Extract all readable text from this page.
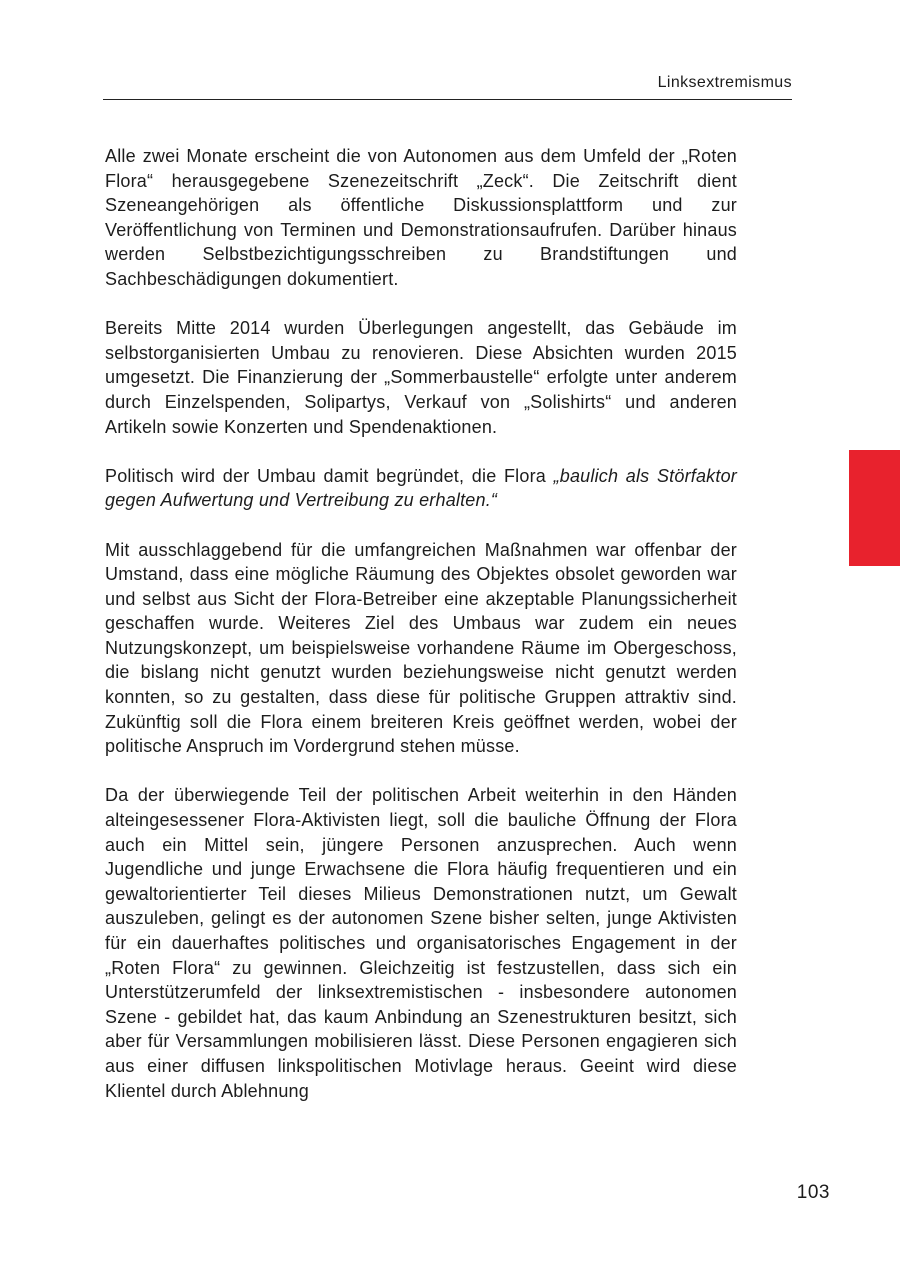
Linksextremismus

Alle zwei Monate erscheint die von Autonomen aus dem Umfeld der „Roten Flora“ herausgegebene Szenezeitschrift „Zeck“. Die Zeitschrift dient Szeneangehörigen als öffentliche Diskussionsplattform und zur Veröffentlichung von Terminen und Demonstrationsaufrufen. Darüber hinaus werden Selbstbezichtigungsschreiben zu Brandstiftungen und Sachbeschädigungen dokumentiert.

Bereits Mitte 2014 wurden Überlegungen angestellt, das Gebäude im selbstorganisierten Umbau zu renovieren. Diese Absichten wurden 2015 umgesetzt. Die Finanzierung der „Sommerbaustelle“ erfolgte unter anderem durch Einzelspenden, Solipartys, Verkauf von „Solishirts“ und anderen Artikeln sowie Konzerten und Spendenaktionen.

Politisch wird der Umbau damit begründet, die Flora „baulich als Störfaktor gegen Aufwertung und Vertreibung zu erhalten.“

Mit ausschlaggebend für die umfangreichen Maßnahmen war offenbar der Umstand, dass eine mögliche Räumung des Objektes obsolet geworden war und selbst aus Sicht der Flora-Betreiber eine akzeptable Planungssicherheit geschaffen wurde. Weiteres Ziel des Umbaus war zudem ein neues Nutzungskonzept, um beispielsweise vorhandene Räume im Obergeschoss, die bislang nicht genutzt wurden beziehungsweise nicht genutzt werden konnten, so zu gestalten, dass diese für politische Gruppen attraktiv sind. Zukünftig soll die Flora einem breiteren Kreis geöffnet werden, wobei der politische Anspruch im Vordergrund stehen müsse.

Da der überwiegende Teil der politischen Arbeit weiterhin in den Händen alteingesessener Flora-Aktivisten liegt, soll die bauliche Öffnung der Flora auch ein Mittel sein, jüngere Personen anzusprechen. Auch wenn Jugendliche und junge Erwachsene die Flora häufig frequentieren und ein gewaltorientierter Teil dieses Milieus Demonstrationen nutzt, um Gewalt auszuleben, gelingt es der autonomen Szene bisher selten, junge Aktivisten für ein dauerhaftes politisches und organisatorisches Engagement in der „Roten Flora“ zu gewinnen. Gleichzeitig ist festzustellen, dass sich ein Unterstützerumfeld der linksextremistischen - insbesondere autonomen Szene - gebildet hat, das kaum Anbindung an Szenestrukturen besitzt, sich aber für Versammlungen mobilisieren lässt. Diese Personen engagieren sich aus einer diffusen linkspolitischen Motivlage heraus. Geeint wird diese Klientel durch Ablehnung

103
